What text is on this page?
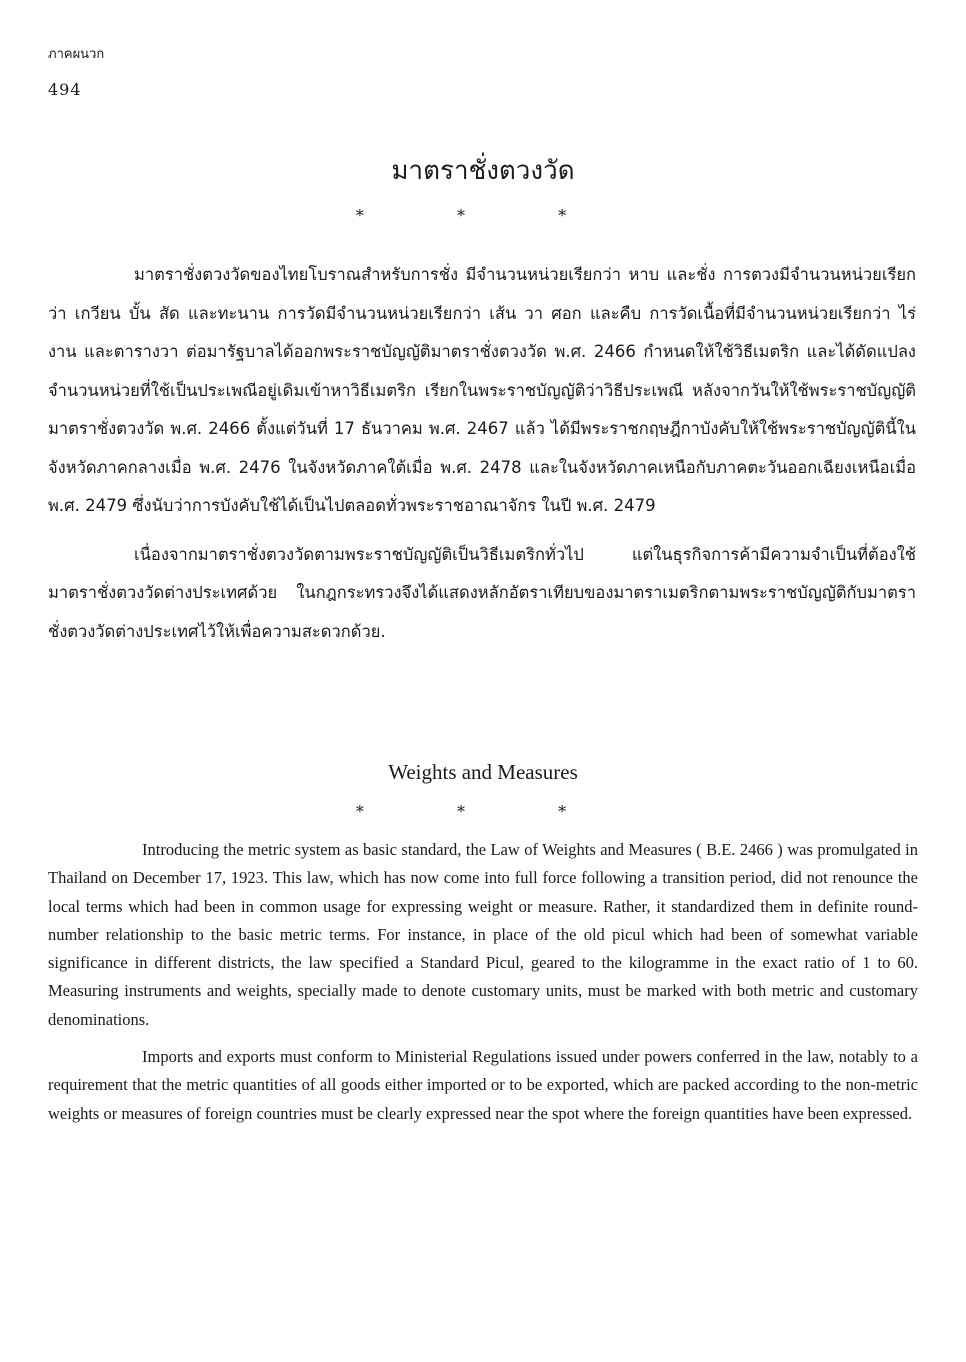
ภาคผนวก
494
มาตราชั่งตวงวัด
* * *

มาตราชั่งตวงวัดของไทยโบราณสำหรับการชั่ง มีจำนวนหน่วยเรียกว่า หาบ และชั่ง การตวงมีจำนวนหน่วยเรียกว่า เกวียน บั้น สัด และทะนาน การวัดมีจำนวนหน่วยเรียกว่า เส้น วา ศอก และคืบ การวัดเนื้อที่มีจำนวนหน่วยเรียกว่า ไร่ งาน และตารางวา ต่อมารัฐบาลได้ออกพระราชบัญญัติมาตราชั่งตวงวัด พ.ศ. 2466 กำหนดให้ใช้วิธีเมตริก และได้ดัดแปลงจำนวนหน่วยที่ใช้เป็นประเพณีอยู่เดิมเข้าหาวิธีเมตริก เรียกในพระราชบัญญัติว่าวิธีประเพณี หลังจากวันให้ใช้พระราชบัญญัติมาตราชั่งตวงวัด พ.ศ. 2466 ตั้งแต่วันที่ 17 ธันวาคม พ.ศ. 2467 แล้ว ได้มีพระราชกฤษฎีกาบังคับให้ใช้พระราชบัญญัตินี้ในจังหวัดภาคกลางเมื่อ พ.ศ. 2476 ในจังหวัดภาคใต้เมื่อ พ.ศ. 2478 และในจังหวัดภาคเหนือกับภาคตะวันออกเฉียงเหนือเมื่อ พ.ศ. 2479 ซึ่งนับว่าการบังคับใช้ได้เป็นไปตลอดทั่วพระราชอาณาจักร ในปี พ.ศ. 2479

เนื่องจากมาตราชั่งตวงวัดตามพระราชบัญญัติเป็นวิธีเมตริกทั่วไป แต่ในธุรกิจการค้ามีความจำเป็นที่ต้องใช้มาตราชั่งตวงวัดต่างประเทศด้วย ในกฎกระทรวงจึงได้แสดงหลักอัตราเทียบของมาตราเมตริกตามพระราชบัญญัติกับมาตราชั่งตวงวัดต่างประเทศไว้ให้เพื่อความสะดวกด้วย.

Weights and Measures
* * *

Introducing the metric system as basic standard, the Law of Weights and Measures ( B.E. 2466 ) was promulgated in Thailand on December 17, 1923. This law, which has now come into full force following a transition period, did not renounce the local terms which had been in common usage for expressing weight or measure. Rather, it standardized them in definite round-number relationship to the basic metric terms. For instance, in place of the old picul which had been of somewhat variable significance in different districts, the law specified a Standard Picul, geared to the kilogramme in the exact ratio of 1 to 60. Measuring instruments and weights, specially made to denote customary units, must be marked with both metric and customary denominations.

Imports and exports must conform to Ministerial Regulations issued under powers conferred in the law, notably to a requirement that the metric quantities of all goods either imported or to be exported, which are packed according to the non-metric weights or measures of foreign countries must be clearly expressed near the spot where the foreign quantities have been expressed.
